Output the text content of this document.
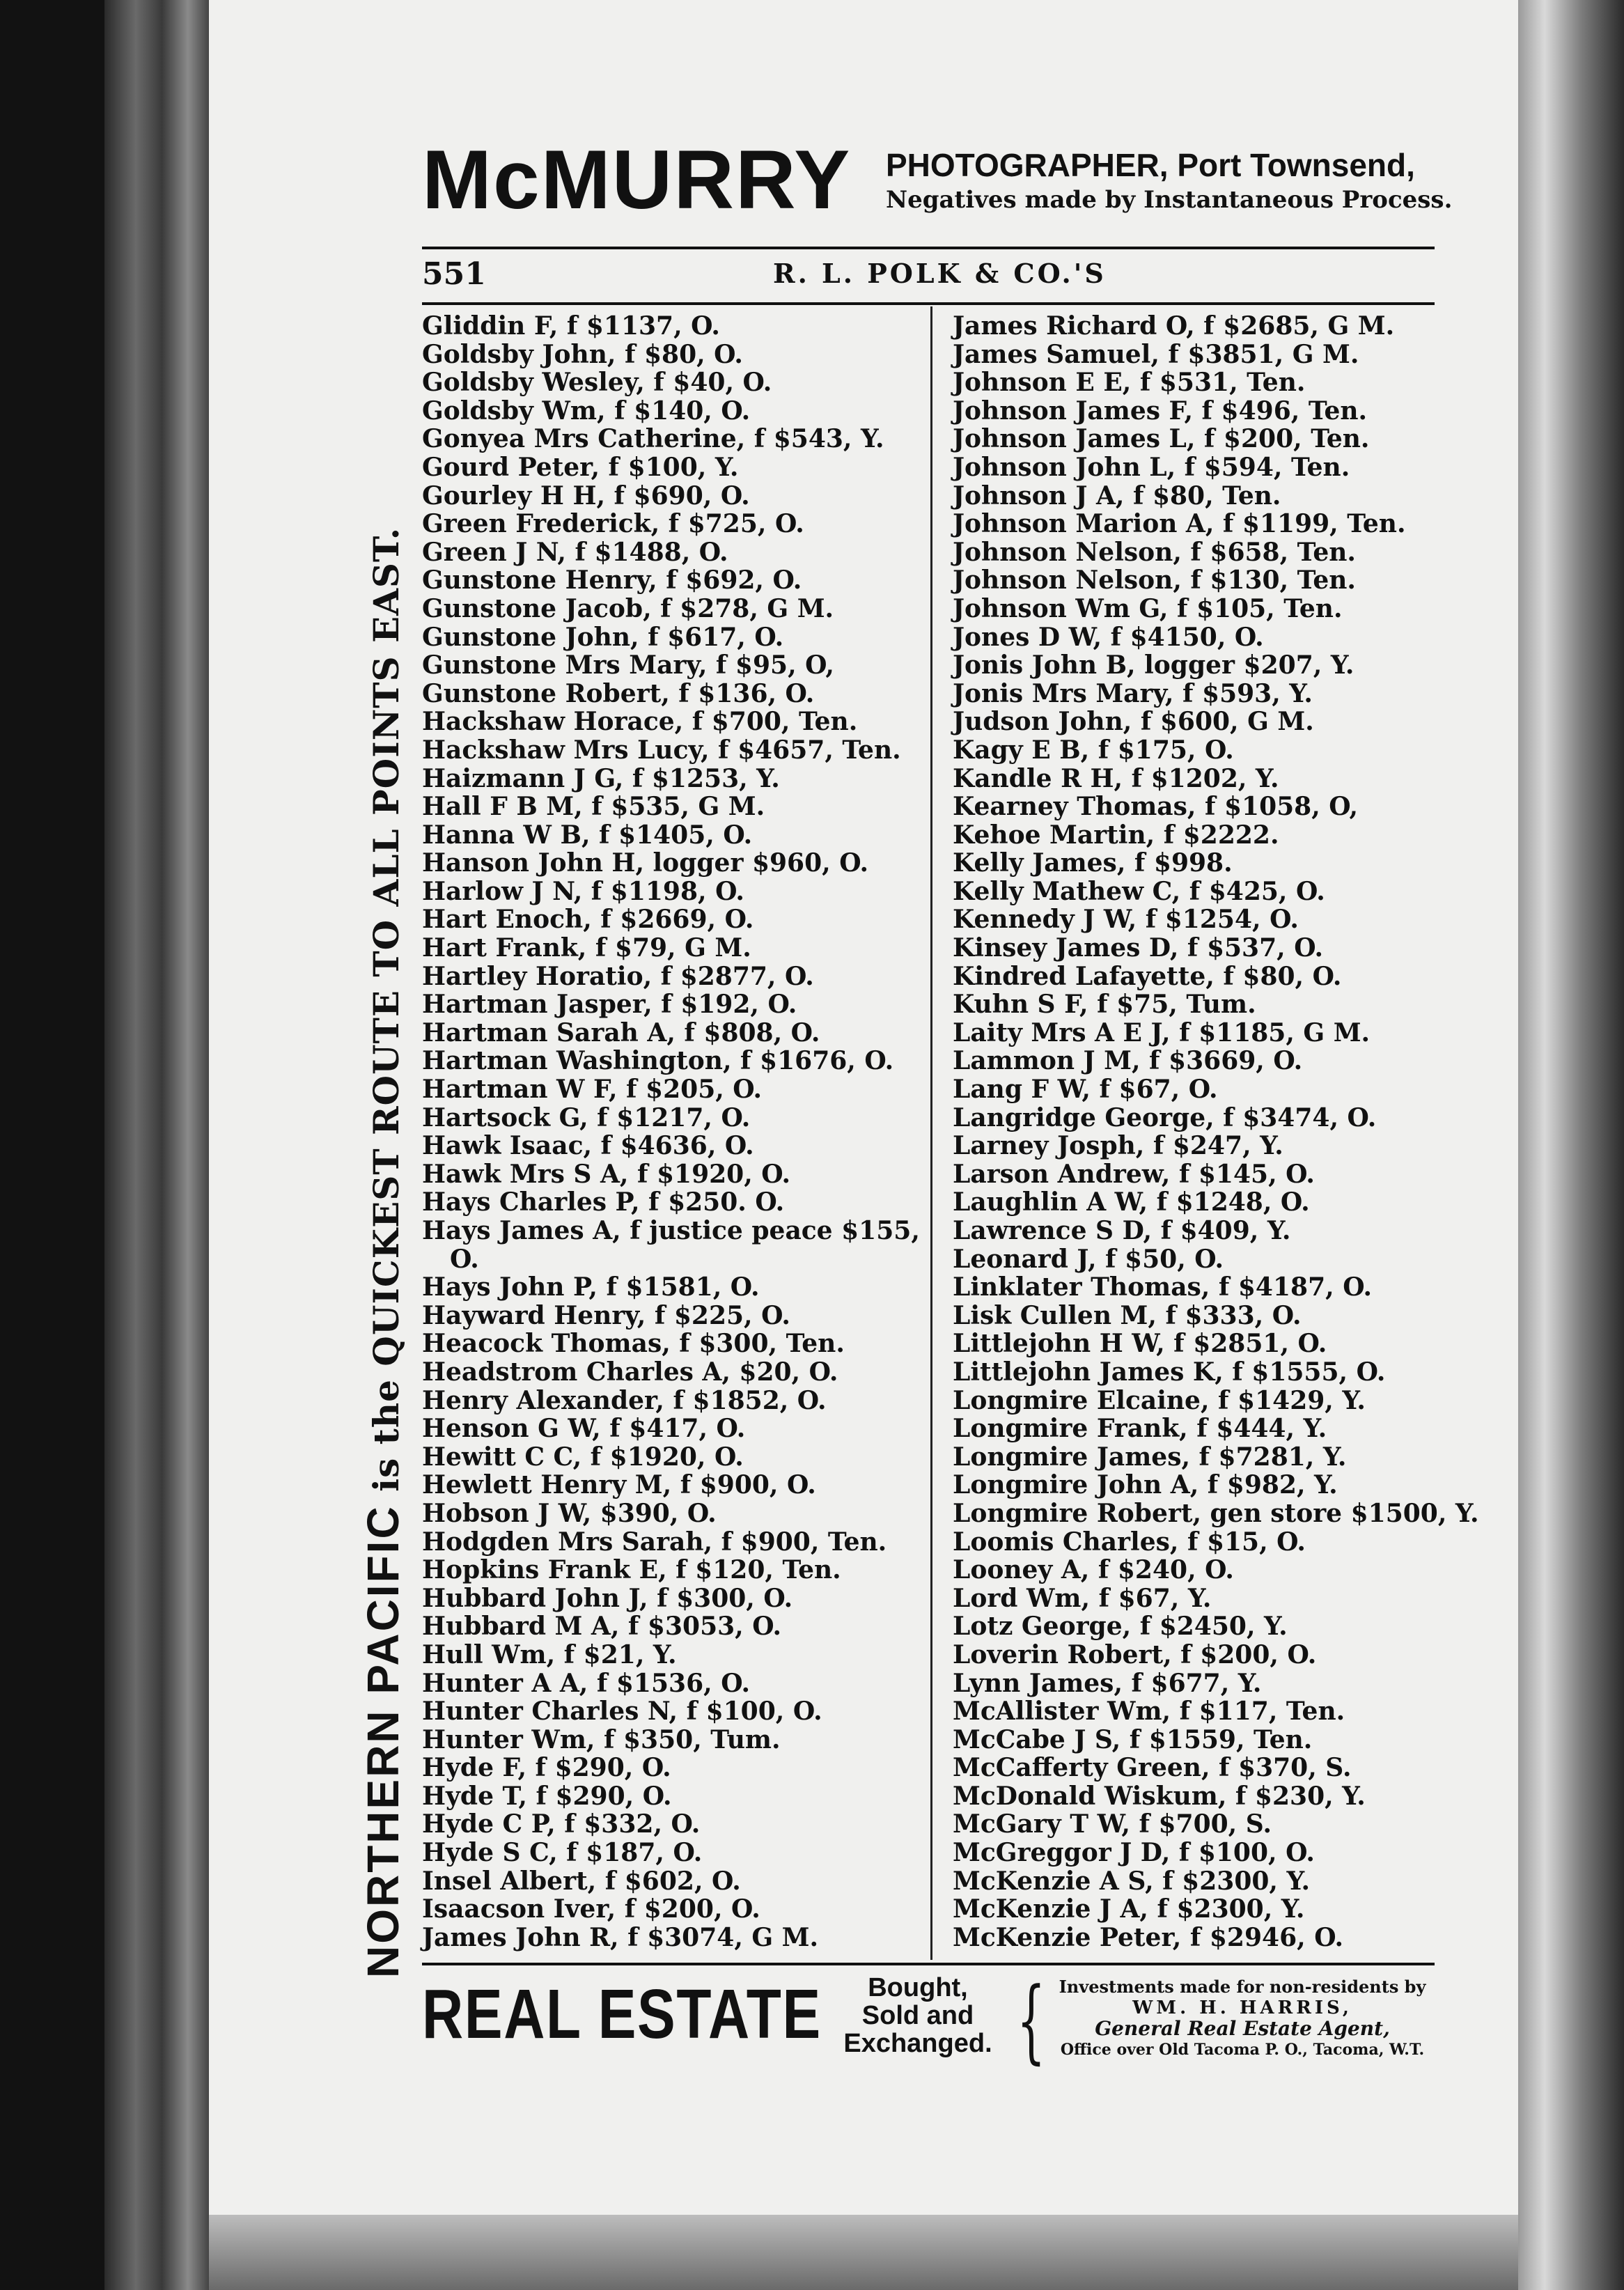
McMURRY PHOTOGRAPHER, Port Townsend,
Negatives made by Instantaneous Process.
551	R. L. POLK & CO.'S
NORTHERN PACIFIC is the QUICKEST ROUTE TO ALL POINTS EAST.
Gliddin F, f $1137, O.
Goldsby John, f $80, O.
Goldsby Wesley, f $40, O.
Goldsby Wm, f $140, O.
Gonyea Mrs Catherine, f $543, Y.
Gourd Peter, f $100, Y.
Gourley H H, f $690, O.
Green Frederick, f $725, O.
Green J N, f $1488, O.
Gunstone Henry, f $692, O.
Gunstone Jacob, f $278, G M.
Gunstone John, f $617, O.
Gunstone Mrs Mary, f $95, O,
Gunstone Robert, f $136, O.
Hackshaw Horace, f $700, Ten.
Hackshaw Mrs Lucy, f $4657, Ten.
Haizmann J G, f $1253, Y.
Hall F B M, f $535, G M.
Hanna W B, f $1405, O.
Hanson John H, logger $960, O.
Harlow J N, f $1198, O.
Hart Enoch, f $2669, O.
Hart Frank, f $79, G M.
Hartley Horatio, f $2877, O.
Hartman Jasper, f $192, O.
Hartman Sarah A, f $808, O.
Hartman Washington, f $1676, O.
Hartman W F, f $205, O.
Hartsock G, f $1217, O.
Hawk Isaac, f $4636, O.
Hawk Mrs S A, f $1920, O.
Hays Charles P, f $250. O.
Hays James A, f justice peace $155,
O.
Hays John P, f $1581, O.
Hayward Henry, f $225, O.
Heacock Thomas, f $300, Ten.
Headstrom Charles A, $20, O.
Henry Alexander, f $1852, O.
Henson G W, f $417, O.
Hewitt C C, f $1920, O.
Hewlett Henry M, f $900, O.
Hobson J W, $390, O.
Hodgden Mrs Sarah, f $900, Ten.
Hopkins Frank E, f $120, Ten.
Hubbard John J, f $300, O.
Hubbard M A, f $3053, O.
Hull Wm, f $21, Y.
Hunter A A, f $1536, O.
Hunter Charles N, f $100, O.
Hunter Wm, f $350, Tum.
Hyde F, f $290, O.
Hyde T, f $290, O.
Hyde C P, f $332, O.
Hyde S C, f $187, O.
Insel Albert, f $602, O.
Isaacson Iver, f $200, O.
James John R, f $3074, G M.
James Richard O, f $2685, G M.
James Samuel, f $3851, G M.
Johnson E E, f $531, Ten.
Johnson James F, f $496, Ten.
Johnson James L, f $200, Ten.
Johnson John L, f $594, Ten.
Johnson J A, f $80, Ten.
Johnson Marion A, f $1199, Ten.
Johnson Nelson, f $658, Ten.
Johnson Nelson, f $130, Ten.
Johnson Wm G, f $105, Ten.
Jones D W, f $4150, O.
Jonis John B, logger $207, Y.
Jonis Mrs Mary, f $593, Y.
Judson John, f $600, G M.
Kagy E B, f $175, O.
Kandle R H, f $1202, Y.
Kearney Thomas, f $1058, O,
Kehoe Martin, f $2222.
Kelly James, f $998.
Kelly Mathew C, f $425, O.
Kennedy J W, f $1254, O.
Kinsey James D, f $537, O.
Kindred Lafayette, f $80, O.
Kuhn S F, f $75, Tum.
Laity Mrs A E J, f $1185, G M.
Lammon J M, f $3669, O.
Lang F W, f $67, O.
Langridge George, f $3474, O.
Larney Josph, f $247, Y.
Larson Andrew, f $145, O.
Laughlin A W, f $1248, O.
Lawrence S D, f $409, Y.
Leonard J, f $50, O.
Linklater Thomas, f $4187, O.
Lisk Cullen M, f $333, O.
Littlejohn H W, f $2851, O.
Littlejohn James K, f $1555, O.
Longmire Elcaine, f $1429, Y.
Longmire Frank, f $444, Y.
Longmire James, f $7281, Y.
Longmire John A, f $982, Y.
Longmire Robert, gen store $1500, Y.
Loomis Charles, f $15, O.
Looney A, f $240, O.
Lord Wm, f $67, Y.
Lotz George, f $2450, Y.
Loverin Robert, f $200, O.
Lynn James, f $677, Y.
McAllister Wm, f $117, Ten.
McCabe J S, f $1559, Ten.
McCafferty Green, f $370, S.
McDonald Wiskum, f $230, Y.
McGary T W, f $700, S.
McGreggor J D, f $100, O.
McKenzie A S, f $2300, Y.
McKenzie J A, f $2300, Y.
McKenzie Peter, f $2946, O.
REAL ESTATE	Bought,
Sold and
Exchanged. { Investments made for non-residents by
WM. H. HARRIS,
General Real Estate Agent,
Office over Old Tacoma P. O., Tacoma, W.T.
